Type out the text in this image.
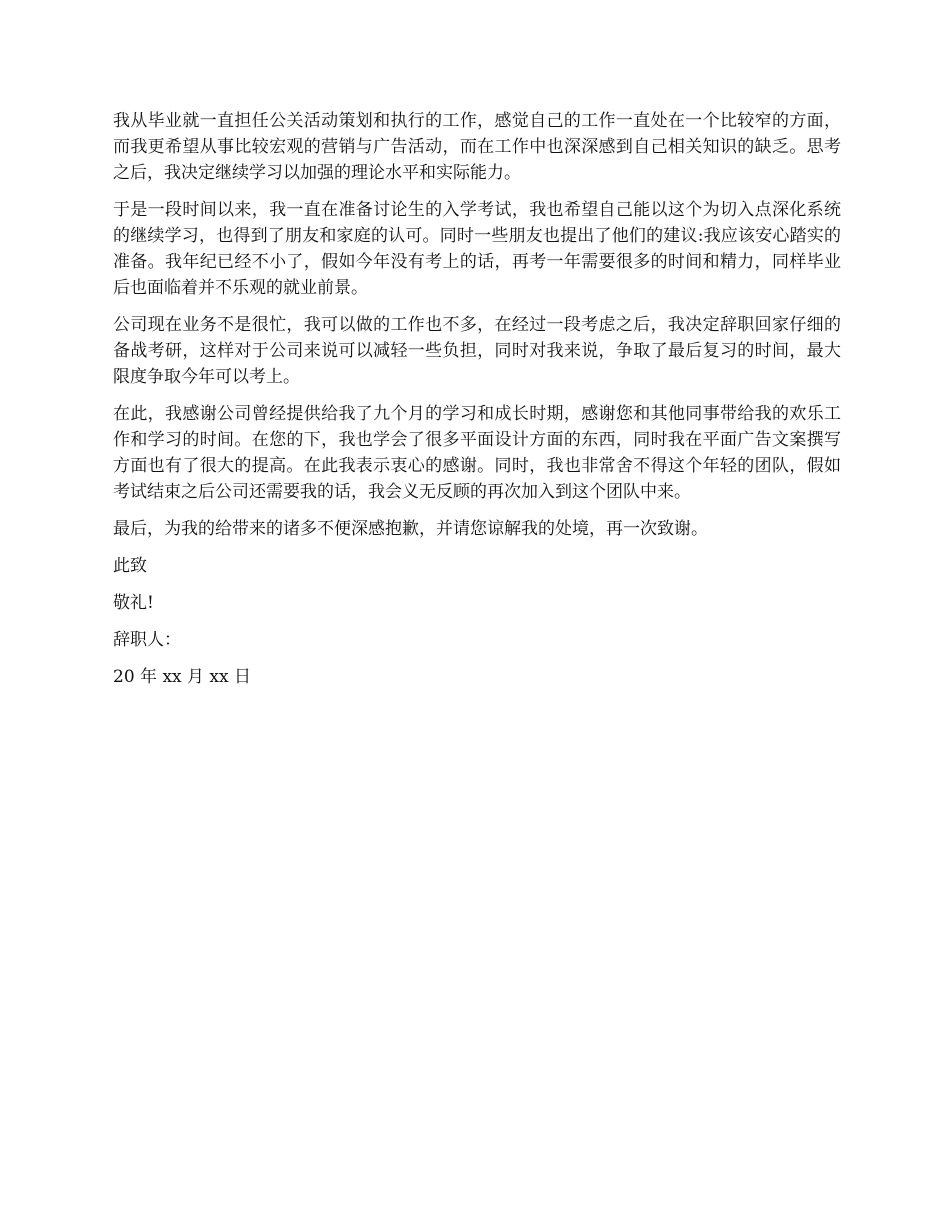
我从毕业就一直担任公关活动策划和执行的工作，感觉自己的工作一直处在一个比较窄的方面，而我更希望从事比较宏观的营销与广告活动，而在工作中也深深感到自己相关知识的缺乏。思考之后，我决定继续学习以加强的理论水平和实际能力。

于是一段时间以来，我一直在准备讨论生的入学考试，我也希望自己能以这个为切入点深化系统的继续学习，也得到了朋友和家庭的认可。同时一些朋友也提出了他们的建议:我应该安心踏实的准备。我年纪已经不小了，假如今年没有考上的话，再考一年需要很多的时间和精力，同样毕业后也面临着并不乐观的就业前景。

公司现在业务不是很忙，我可以做的工作也不多，在经过一段考虑之后，我决定辞职回家仔细的备战考研，这样对于公司来说可以减轻一些负担，同时对我来说，争取了最后复习的时间，最大限度争取今年可以考上。

在此，我感谢公司曾经提供给我了九个月的学习和成长时期，感谢您和其他同事带给我的欢乐工作和学习的时间。在您的下，我也学会了很多平面设计方面的东西，同时我在平面广告文案撰写方面也有了很大的提高。在此我表示衷心的感谢。同时，我也非常舍不得这个年轻的团队，假如考试结束之后公司还需要我的话，我会义无反顾的再次加入到这个团队中来。

最后，为我的给带来的诸多不便深感抱歉，并请您谅解我的处境，再一次致谢。

此致

敬礼!

辞职人：

20 年 xx 月 xx 日
